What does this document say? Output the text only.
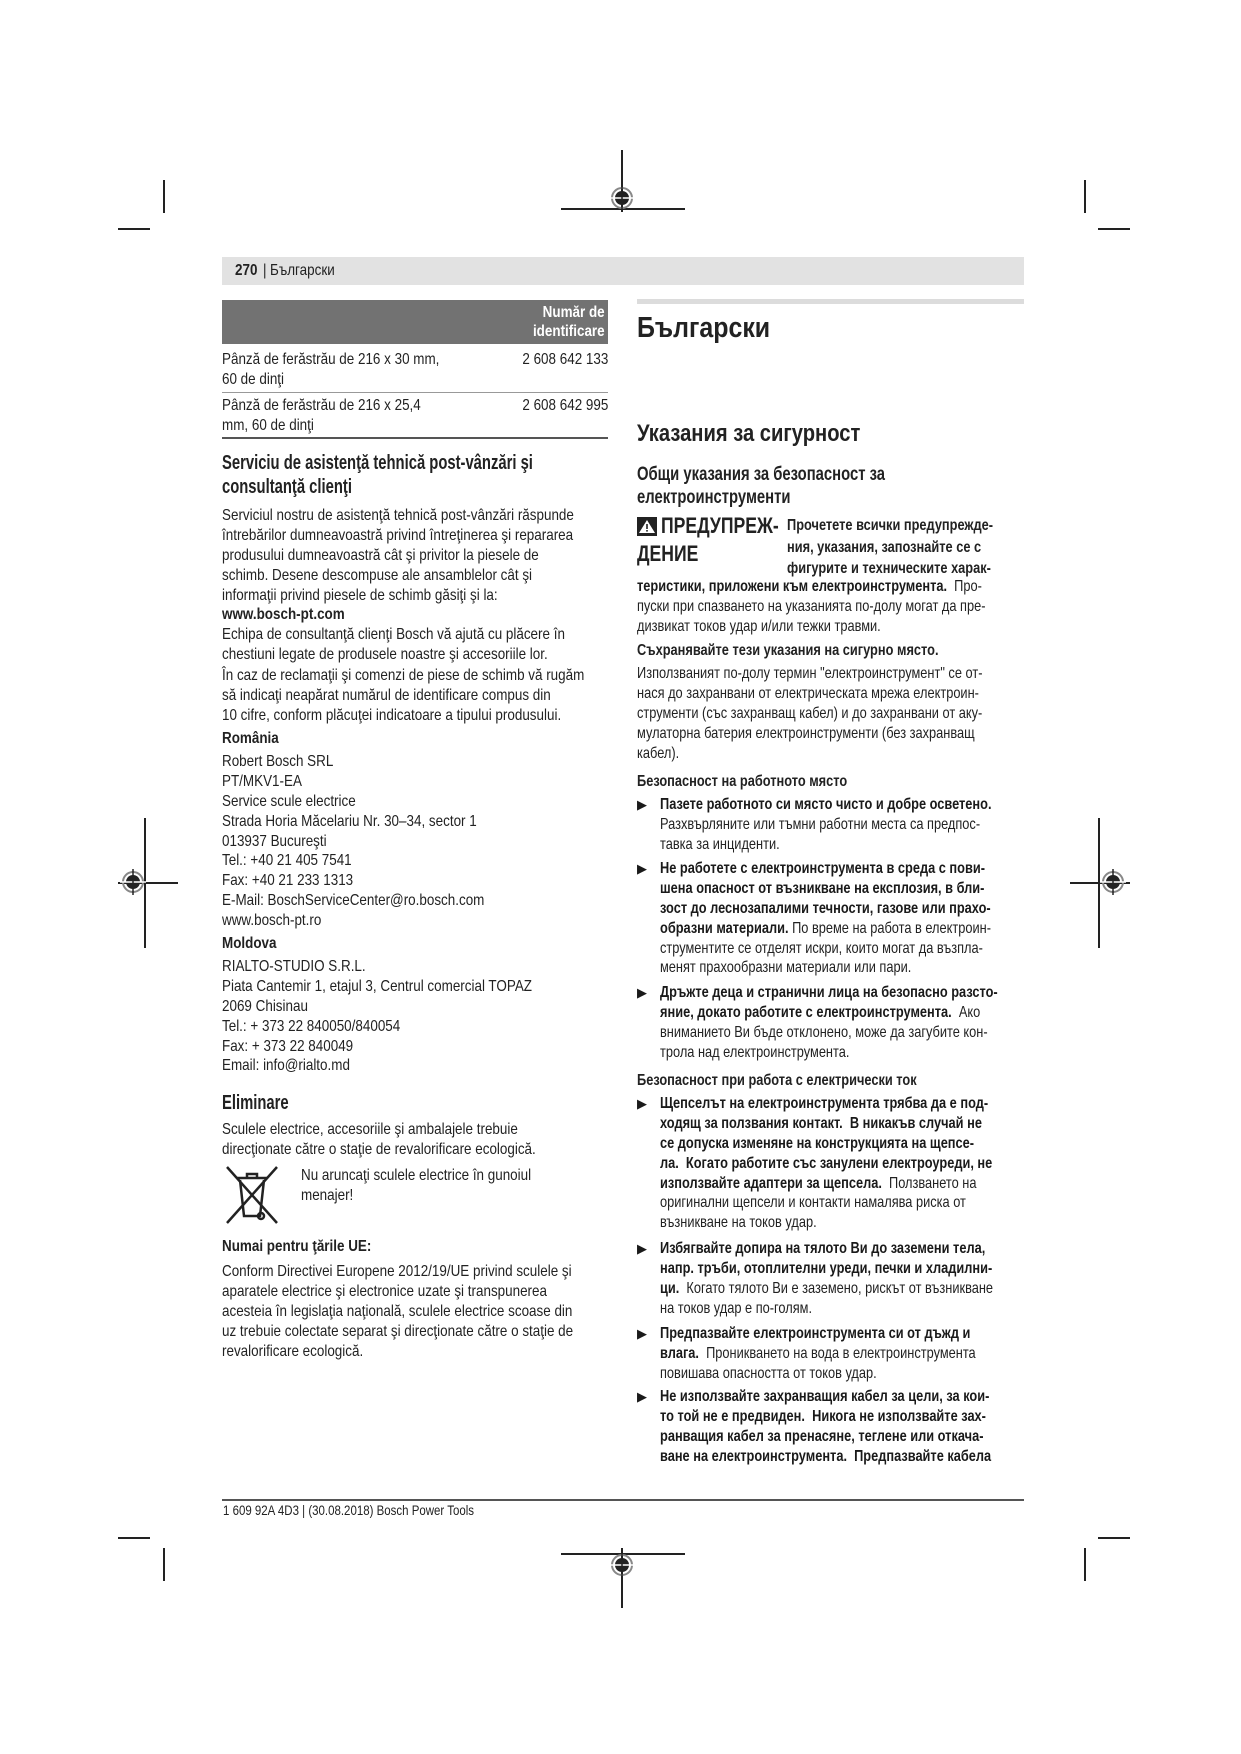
270 | Български
Număr de
identificare
Pânză de ferăstrău de 216 x 30 mm,
60 de dinţi
2 608 642 133
Pânză de ferăstrău de 216 x 25,4
mm, 60 de dinţi
2 608 642 995
Serviciu de asistenţă tehnică post-vânzări şi
consultanţă clienţi
Serviciul nostru de asistenţă tehnică post-vânzări răspunde
întrebărilor dumneavoastră privind întreţinerea şi repararea
produsului dumneavoastră cât şi privitor la piesele de
schimb. Desene descompuse ale ansamblelor cât şi
informaţii privind piesele de schimb găsiţi şi la:
www.bosch-pt.com
Echipa de consultanţă clienţi Bosch vă ajută cu plăcere în
chestiuni legate de produsele noastre şi accesoriile lor.
În caz de reclamaţii şi comenzi de piese de schimb vă rugăm
să indicaţi neapărat numărul de identificare compus din
10 cifre, conform plăcuţei indicatoare a tipului produsului.
România
Robert Bosch SRL
PT/MKV1-EA
Service scule electrice
Strada Horia Măcelariu Nr. 30–34, sector 1
013937 Bucureşti
Tel.: +40 21 405 7541
Fax: +40 21 233 1313
E-Mail: BoschServiceCenter@ro.bosch.com
www.bosch-pt.ro
Moldova
RIALTO-STUDIO S.R.L.
Piata Cantemir 1, etajul 3, Centrul comercial TOPAZ
2069 Chisinau
Tel.: + 373 22 840050/840054
Fax: + 373 22 840049
Email: info@rialto.md
Eliminare
Sculele electrice, accesoriile şi ambalajele trebuie
direcţionate către o staţie de revalorificare ecologică.
Nu aruncaţi sculele electrice în gunoiul
menajer!
Numai pentru ţările UE:
Conform Directivei Europene 2012/19/UE privind sculele şi
aparatele electrice şi electronice uzate şi transpunerea
acesteia în legislaţia naţională, sculele electrice scoase din
uz trebuie colectate separat şi direcţionate către o staţie de
revalorificare ecologică.
Български
Указания за сигурност
Общи указания за безопасност за
електроинструменти
ПРЕДУПРЕЖ-
ДЕНИЕ
Прочетете всички предупрежде-
ния, указания, запознайте се с
фигурите и техническите харак-
теристики, приложени към електроинструмента.  Про-
пуски при спазването на указанията по-долу могат да пре-
дизвикат токов удар и/или тежки травми.
Съхранявайте тези указания на сигурно място.
Използваният по-долу термин "електроинструмент" се от-
нася до захранвани от електрическата мрежа електроин-
струменти (със захранващ кабел) и до захранвани от аку-
мулаторна батерия електроинструменти (без захранващ
кабел).
Безопасност на работното място
▶ Пазете работното си място чисто и добре осветено.
Разхвърляните или тъмни работни места са предпос-
тавка за инциденти.
▶ Не работете с електроинструмента в среда с пови-
шена опасност от възникване на експлозия, в бли-
зост до леснозапалими течности, газове или прахо-
образни материали. По време на работа в електроин-
струментите се отделят искри, които могат да възпла-
менят прахообразни материали или пари.
▶ Дръжте деца и странични лица на безопасно разсто-
яние, докато работите с електроинструмента.  Ако
вниманието Ви бъде отклонено, може да загубите кон-
трола над електроинструмента.
Безопасност при работа с електрически ток
▶ Щепселът на електроинструмента трябва да е под-
ходящ за ползвания контакт.  В никакъв случай не
се допуска изменяне на конструкцията на щепсе-
ла.  Когато работите със занулени електроуреди, не
използвайте адаптери за щепсела.  Ползването на
оригинални щепсели и контакти намалява риска от
възникване на токов удар.
▶ Избягвайте допира на тялото Ви до заземени тела,
напр. тръби, отоплителни уреди, печки и хладилни-
ци.  Когато тялото Ви е заземено, рискът от възникване
на токов удар е по-голям.
▶ Предпазвайте електроинструмента си от дъжд и
влага.  Проникването на вода в електроинструмента
повишава опасността от токов удар.
▶ Не използвайте захранващия кабел за цели, за кои-
то той не е предвиден.  Никога не използвайте зах-
ранващия кабел за пренасяне, теглене или откача-
ване на електроинструмента.  Предпазвайте кабела
1 609 92A 4D3 | (30.08.2018) Bosch Power Tools
